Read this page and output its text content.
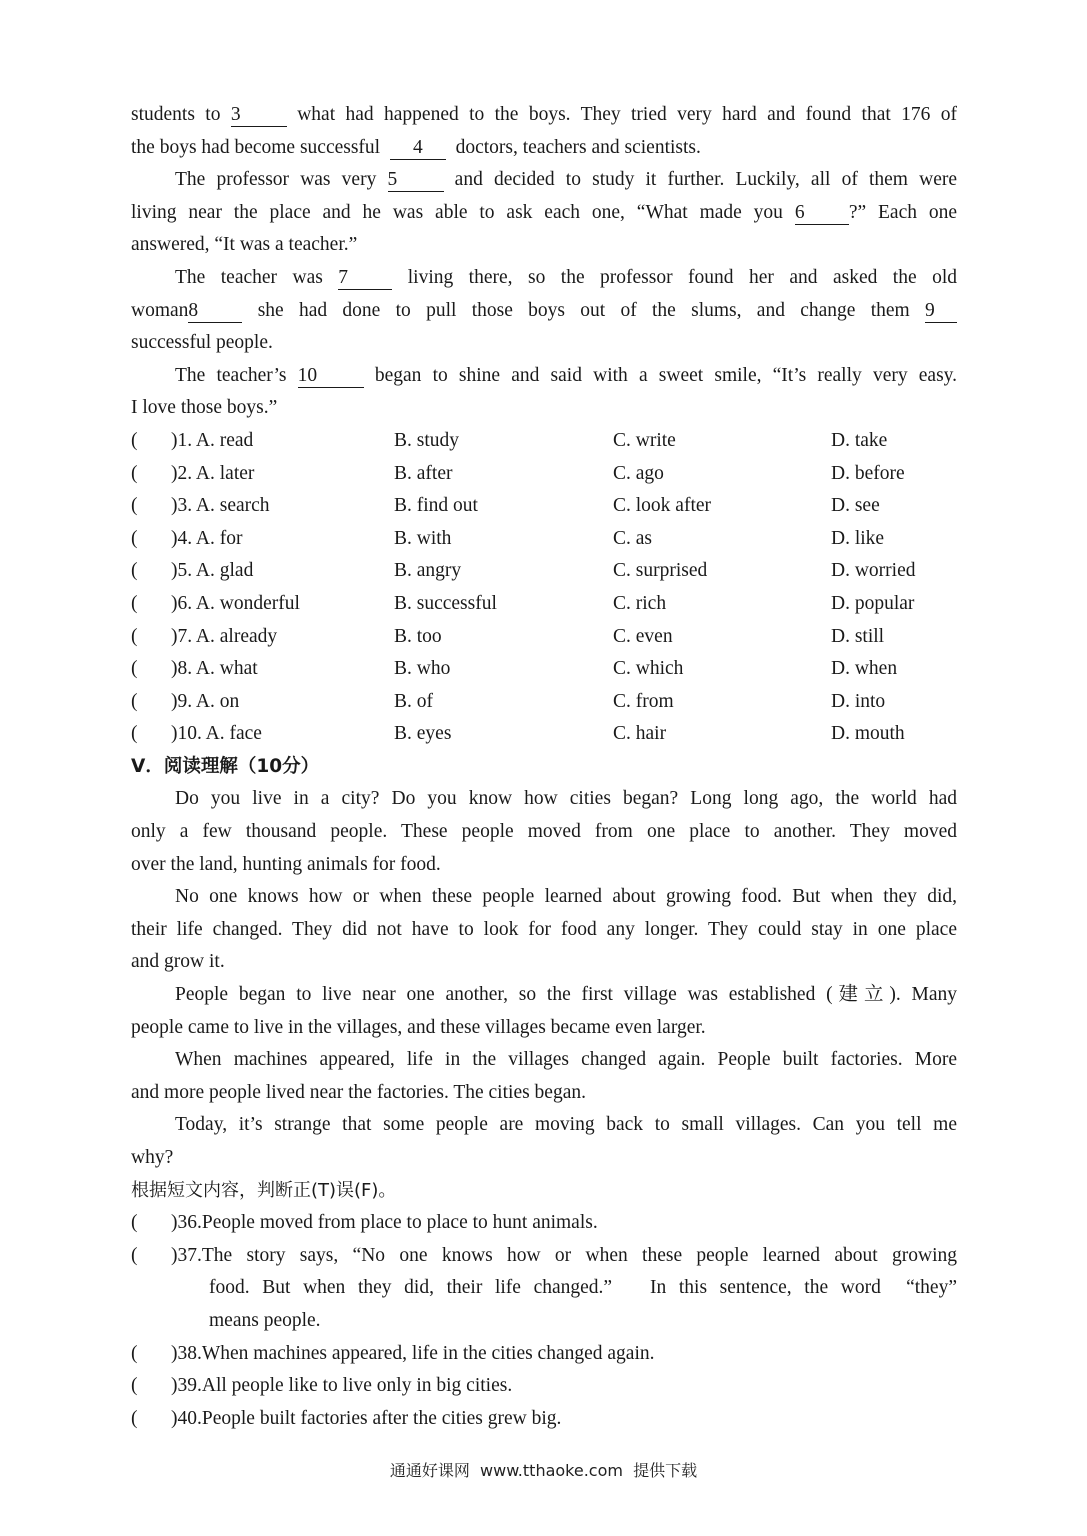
students to 3	what had happened to the boys. They tried very hard and found that 176 of
the boys had become successful 4 doctors, teachers and scientists.
The professor was very 5	and decided to study it further. Luckily, all of them were
living near the place and he was able to ask each one, “What made you 6 ?” Each one
answered, “It was a teacher.”
The teacher was 7	living there, so the professor found her and asked the old
woman8	she had done to pull those boys out of the slums, and change them 9
successful people.
The teacher’s 10	began to shine and said with a sweet smile, “It’s really very easy.
I love those boys.”
( )1. A. read	B. study	C. write	D. take
( )2. A. later	B. after	C. ago	D. before
( )3. A. search	B. find out	C. look after	D. see
( )4. A. for	B. with	C. as	D. like
( )5. A. glad	B. angry	C. surprised	D. worried
( )6. A. wonderful	B. successful	C. rich	D. popular
( )7. A. already	B. too	C. even	D. still
( )8. A. what	B. who	C. which	D. when
( )9. A. on	B. of	C. from	D. into
( )10. A. face	B. eyes	C. hair	D. mouth
V．阅读理解（10分）
Do you live in a city? Do you know how cities began? Long long ago, the world had
only a few thousand people. These people moved from one place to another. They moved
over the land, hunting animals for food.
No one knows how or when these people learned about growing food. But when they did,
their life changed. They did not have to look for food any longer. They could stay in one place
and grow it.
People began to live near one another, so the first village was established (建立). Many
people came to live in the villages, and these villages became even larger.
When machines appeared, life in the villages changed again. People built factories. More
and more people lived near the factories. The cities began.
Today, it’s strange that some people are moving back to small villages. Can you tell me
why?
根据短文内容，判断正(T)误(F)。
( )36.People moved from place to place to hunt animals.
(	)37.The story says, “No one knows how or when these people learned about growing
food. But when they did, their life changed.”   In this sentence, the word  “they”
means people.
( )38.When machines appeared, life in the cities changed again.
( )39.All people like to live only in big cities.
( )40.People built factories after the cities grew big.
通通好课网  www.tthaoke.com  提供下载
